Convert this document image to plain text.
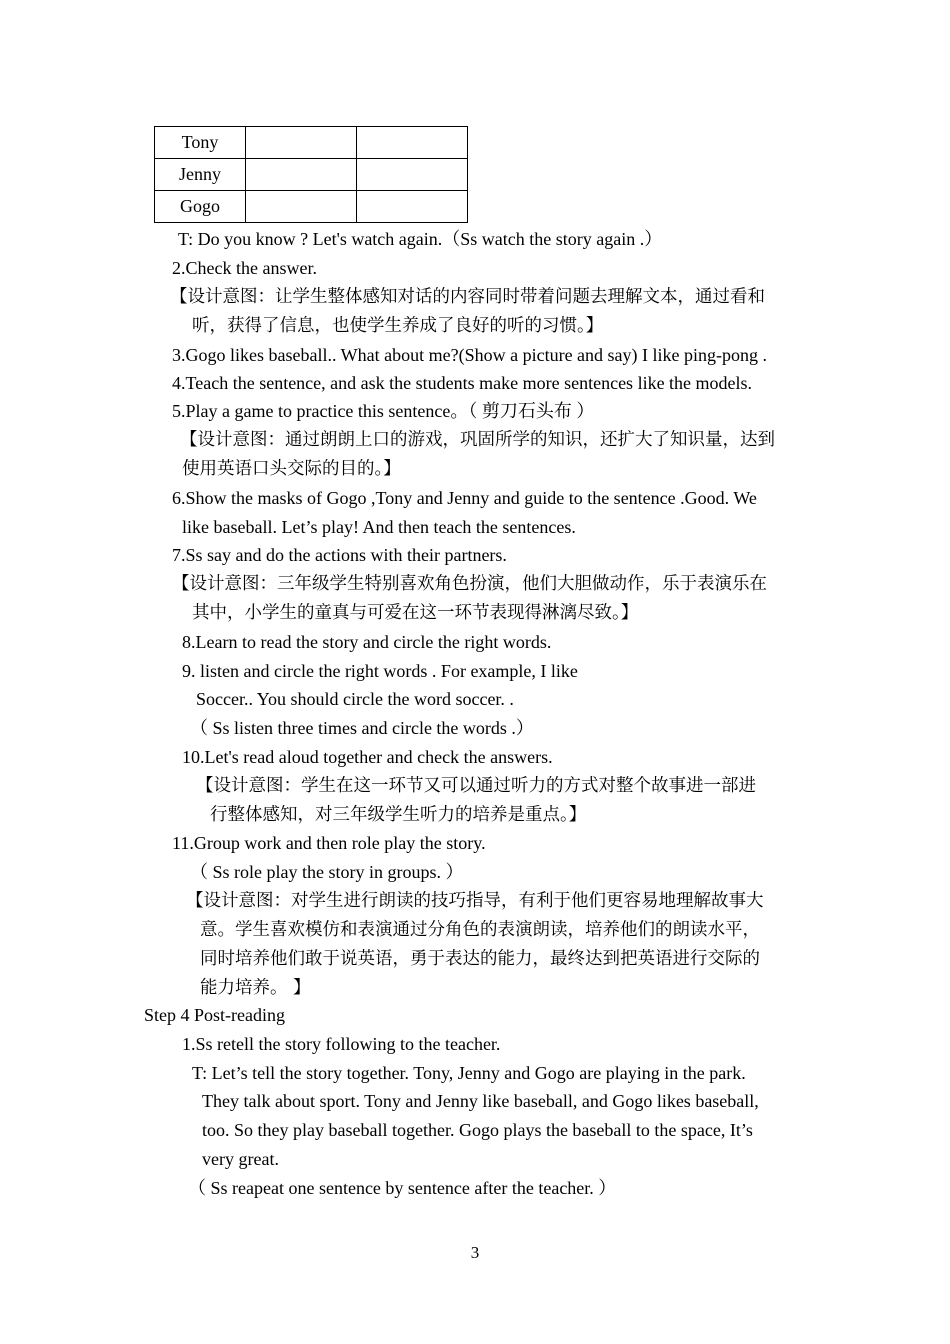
Tony		
Jenny		
Gogo		
T: Do you know ? Let's watch again.（Ss watch the story again .）
2.Check the answer.
【设计意图：让学生整体感知对话的内容同时带着问题去理解文本，通过看和
听，获得了信息，也使学生养成了良好的听的习惯。】
3.Gogo likes baseball.. What about me?(Show a picture and say) I like ping-pong .
4.Teach the sentence, and ask the students make more sentences like the models.
5.Play a game to practice this sentence。（ 剪刀石头布 ）
【设计意图：通过朗朗上口的游戏，巩固所学的知识，还扩大了知识量，达到
使用英语口头交际的目的。】
6.Show the masks of Gogo ,Tony and Jenny and guide to the sentence .Good. We
like baseball. Let’s play! And then teach the sentences.
7.Ss say and do the actions with their partners.
【设计意图：三年级学生特别喜欢角色扮演，他们大胆做动作，乐于表演乐在
其中，小学生的童真与可爱在这一环节表现得淋漓尽致。】
8.Learn to read the story and circle the right words.
9. listen and circle the right words . For example, I like
Soccer.. You should circle the word soccer. .
（ Ss listen three times and circle the words .）
10.Let's read aloud together and check the answers.
【设计意图：学生在这一环节又可以通过听力的方式对整个故事进一部进
行整体感知，对三年级学生听力的培养是重点。】
11.Group work and then role play the story.
（ Ss role play the story in groups. ）
【设计意图：对学生进行朗读的技巧指导，有利于他们更容易地理解故事大
意。学生喜欢模仿和表演通过分角色的表演朗读，培养他们的朗读水平，
同时培养他们敢于说英语，勇于表达的能力，最终达到把英语进行交际的
能力培养。 】
Step 4 Post-reading
1.Ss retell the story following to the teacher.
T: Let’s tell the story together. Tony, Jenny and Gogo are playing in the park.
They talk about sport. Tony and Jenny like baseball, and Gogo likes baseball,
too. So they play baseball together. Gogo plays the baseball to the space, It’s
very great.
（ Ss reapeat one sentence by sentence after the teacher. ）
3
